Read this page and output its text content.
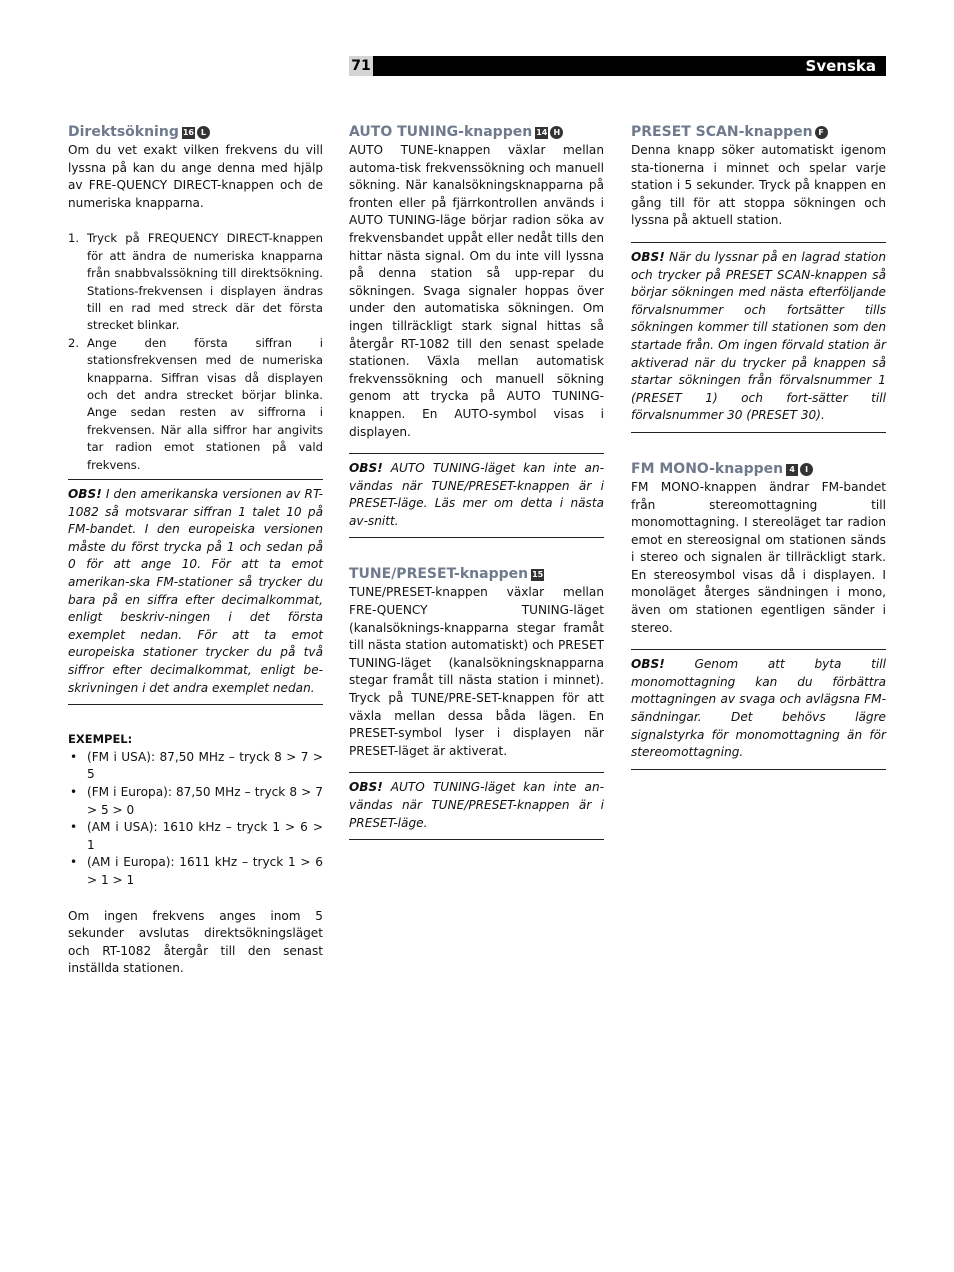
71	Svenska
Direktsökning 16 L

Om du vet exakt vilken frekvens du vill lyssna på kan du ange denna med hjälp av FRE-QUENCY DIRECT-knappen och de numeriska knapparna.

1. Tryck på FREQUENCY DIRECT-knappen för att ändra de numeriska knapparna från snabbvalssökning till direktsökning. Stations-frekvensen i displayen ändras till en rad med streck där det första strecket blinkar.
2. Ange den första siffran i stationsfrekvensen med de numeriska knapparna. Siffran visas då displayen och det andra strecket börjar blinka. Ange sedan resten av siffrorna i frekvensen. När alla siffror har angivits tar radion emot stationen på vald frekvens.

OBS! I den amerikanska versionen av RT-1082 så motsvarar siffran 1 talet 10 på FM-bandet. I den europeiska versionen måste du först trycka på 1 och sedan på 0 för att ange 10. För att ta emot amerikan-ska FM-stationer så trycker du bara på en siffra efter decimalkommat, enligt beskriv-ningen i det första exemplet nedan. För att ta emot europeiska stationer trycker du på två siffror efter decimalkommat, enligt be-skrivningen i det andra exemplet nedan.

EXEMPEL:
• (FM i USA): 87,50 MHz – tryck 8 > 7 > 5
• (FM i Europa): 87,50 MHz – tryck 8 > 7 > 5 > 0
• (AM i USA): 1610 kHz – tryck 1 > 6 > 1
• (AM i Europa): 1611 kHz – tryck 1 > 6 > 1 > 1

Om ingen frekvens anges inom 5 sekunder avslutas direktsökningsläget och RT-1082 återgår till den senast inställda stationen.

AUTO TUNING-knappen 14 H

AUTO TUNE-knappen växlar mellan automa-tisk frekvenssökning och manuell sökning. När kanalsökningsknapparna på fronten eller på fjärrkontrollen används i AUTO TUNING-läge börjar radion söka av frekvensbandet uppåt eller nedåt tills den hittar nästa signal. Om du inte vill lyssna på denna station så upp-repar du sökningen. Svaga signaler hoppas över under den automatiska sökningen. Om ingen tillräckligt stark signal hittas så återgår RT-1082 till den senast spelade stationen. Växla mellan automatisk frekvenssökning och manuell sökning genom att trycka på AUTO TUNING-knappen. En AUTO-symbol visas i displayen.

OBS! AUTO TUNING-läget kan inte an-vändas när TUNE/PRESET-knappen är i PRESET-läge. Läs mer om detta i nästa av-snitt.

TUNE/PRESET-knappen 15

TUNE/PRESET-knappen växlar mellan FRE-QUENCY TUNING-läget (kanalsöknings-knapparna stegar framåt till nästa station automatiskt) och PRESET TUNING-läget (kanalsökningsknapparna stegar framåt till nästa station i minnet). Tryck på TUNE/PRE-SET-knappen för att växla mellan dessa båda lägen. En PRESET-symbol lyser i displayen när PRESET-läget är aktiverat.

OBS! AUTO TUNING-läget kan inte an-vändas när TUNE/PRESET-knappen är i PRESET-läge.

PRESET SCAN-knappen F

Denna knapp söker automatiskt igenom sta-tionerna i minnet och spelar varje station i 5 sekunder. Tryck på knappen en gång till för att stoppa sökningen och lyssna på aktuell station.

OBS! När du lyssnar på en lagrad station och trycker på PRESET SCAN-knappen så börjar sökningen med nästa efterföljande förvalsnummer och fortsätter tills sökningen kommer till stationen som den startade från. Om ingen förvald station är aktiverad när du trycker på knappen så startar sökningen från förvalsnummer 1 (PRESET 1) och fort-sätter till förvalsnummer 30 (PRESET 30).

FM MONO-knappen 4 I

FM MONO-knappen ändrar FM-bandet från stereomottagning till monomottagning. I stereoläget tar radion emot en stereosignal om stationen sänds i stereo och signalen är tillräckligt stark. En stereosymbol visas då i displayen. I monoläget återges sändningen i mono, även om stationen egentligen sänder i stereo.

OBS! Genom att byta till monomottagning kan du förbättra mottagningen av svaga och avlägsna FM-sändningar. Det behövs lägre signalstyrka för monomottagning än för stereomottagning.
